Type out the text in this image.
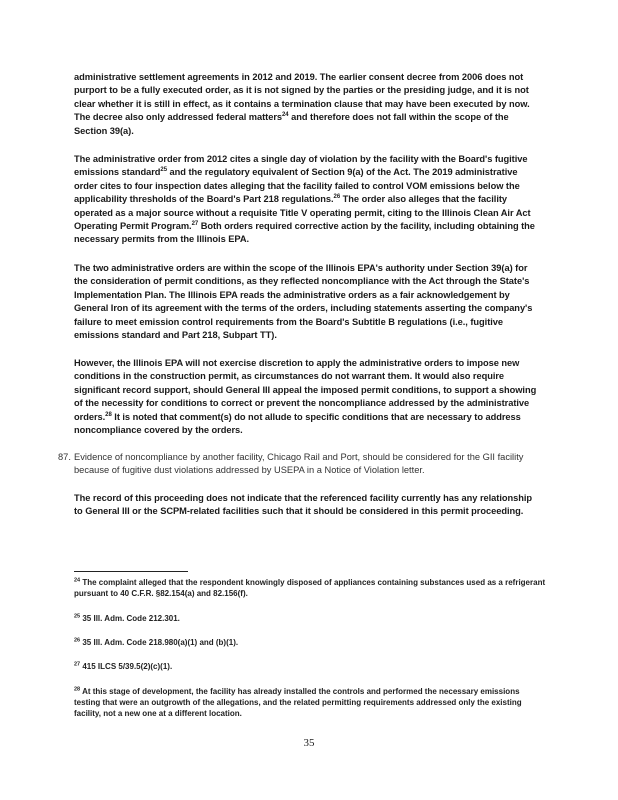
administrative settlement agreements in 2012 and 2019. The earlier consent decree from 2006 does not purport to be a fully executed order, as it is not signed by the parties or the presiding judge, and it is not clear whether it is still in effect, as it contains a termination clause that may have been executed by now. The decree also only addressed federal matters$^{24}$ and therefore does not fall within the scope of the Section 39(a).
The administrative order from 2012 cites a single day of violation by the facility with the Board's fugitive emissions standard$^{25}$ and the regulatory equivalent of Section 9(a) of the Act. The 2019 administrative order cites to four inspection dates alleging that the facility failed to control VOM emissions below the applicability thresholds of the Board's Part 218 regulations.$^{26}$ The order also alleges that the facility operated as a major source without a requisite Title V operating permit, citing to the Illinois Clean Air Act Operating Permit Program.$^{27}$ Both orders required corrective action by the facility, including obtaining the necessary permits from the Illinois EPA.
The two administrative orders are within the scope of the Illinois EPA's authority under Section 39(a) for the consideration of permit conditions, as they reflected noncompliance with the Act through the State's Implementation Plan. The Illinois EPA reads the administrative orders as a fair acknowledgement by General Iron of its agreement with the terms of the orders, including statements asserting the company's failure to meet emission control requirements from the Board's Subtitle B regulations (i.e., fugitive emissions standard and Part 218, Subpart TT).
However, the Illinois EPA will not exercise discretion to apply the administrative orders to impose new conditions in the construction permit, as circumstances do not warrant them. It would also require significant record support, should General III appeal the imposed permit conditions, to support a showing of the necessity for conditions to correct or prevent the noncompliance addressed by the administrative orders.$^{28}$ It is noted that comment(s) do not allude to specific conditions that are necessary to address noncompliance covered by the orders.
87. Evidence of noncompliance by another facility, Chicago Rail and Port, should be considered for the GII facility because of fugitive dust violations addressed by USEPA in a Notice of Violation letter.
The record of this proceeding does not indicate that the referenced facility currently has any relationship to General III or the SCPM-related facilities such that it should be considered in this permit proceeding.
$^{24}$ The complaint alleged that the respondent knowingly disposed of appliances containing substances used as a refrigerant pursuant to 40 C.F.R. §82.154(a) and 82.156(f).
$^{25}$ 35 Ill. Adm. Code 212.301.
$^{26}$ 35 Ill. Adm. Code 218.980(a)(1) and (b)(1).
$^{27}$ 415 ILCS 5/39.5(2)(c)(1).
$^{28}$ At this stage of development, the facility has already installed the controls and performed the necessary emissions testing that were an outgrowth of the allegations, and the related permitting requirements addressed only the existing facility, not a new one at a different location.
35
